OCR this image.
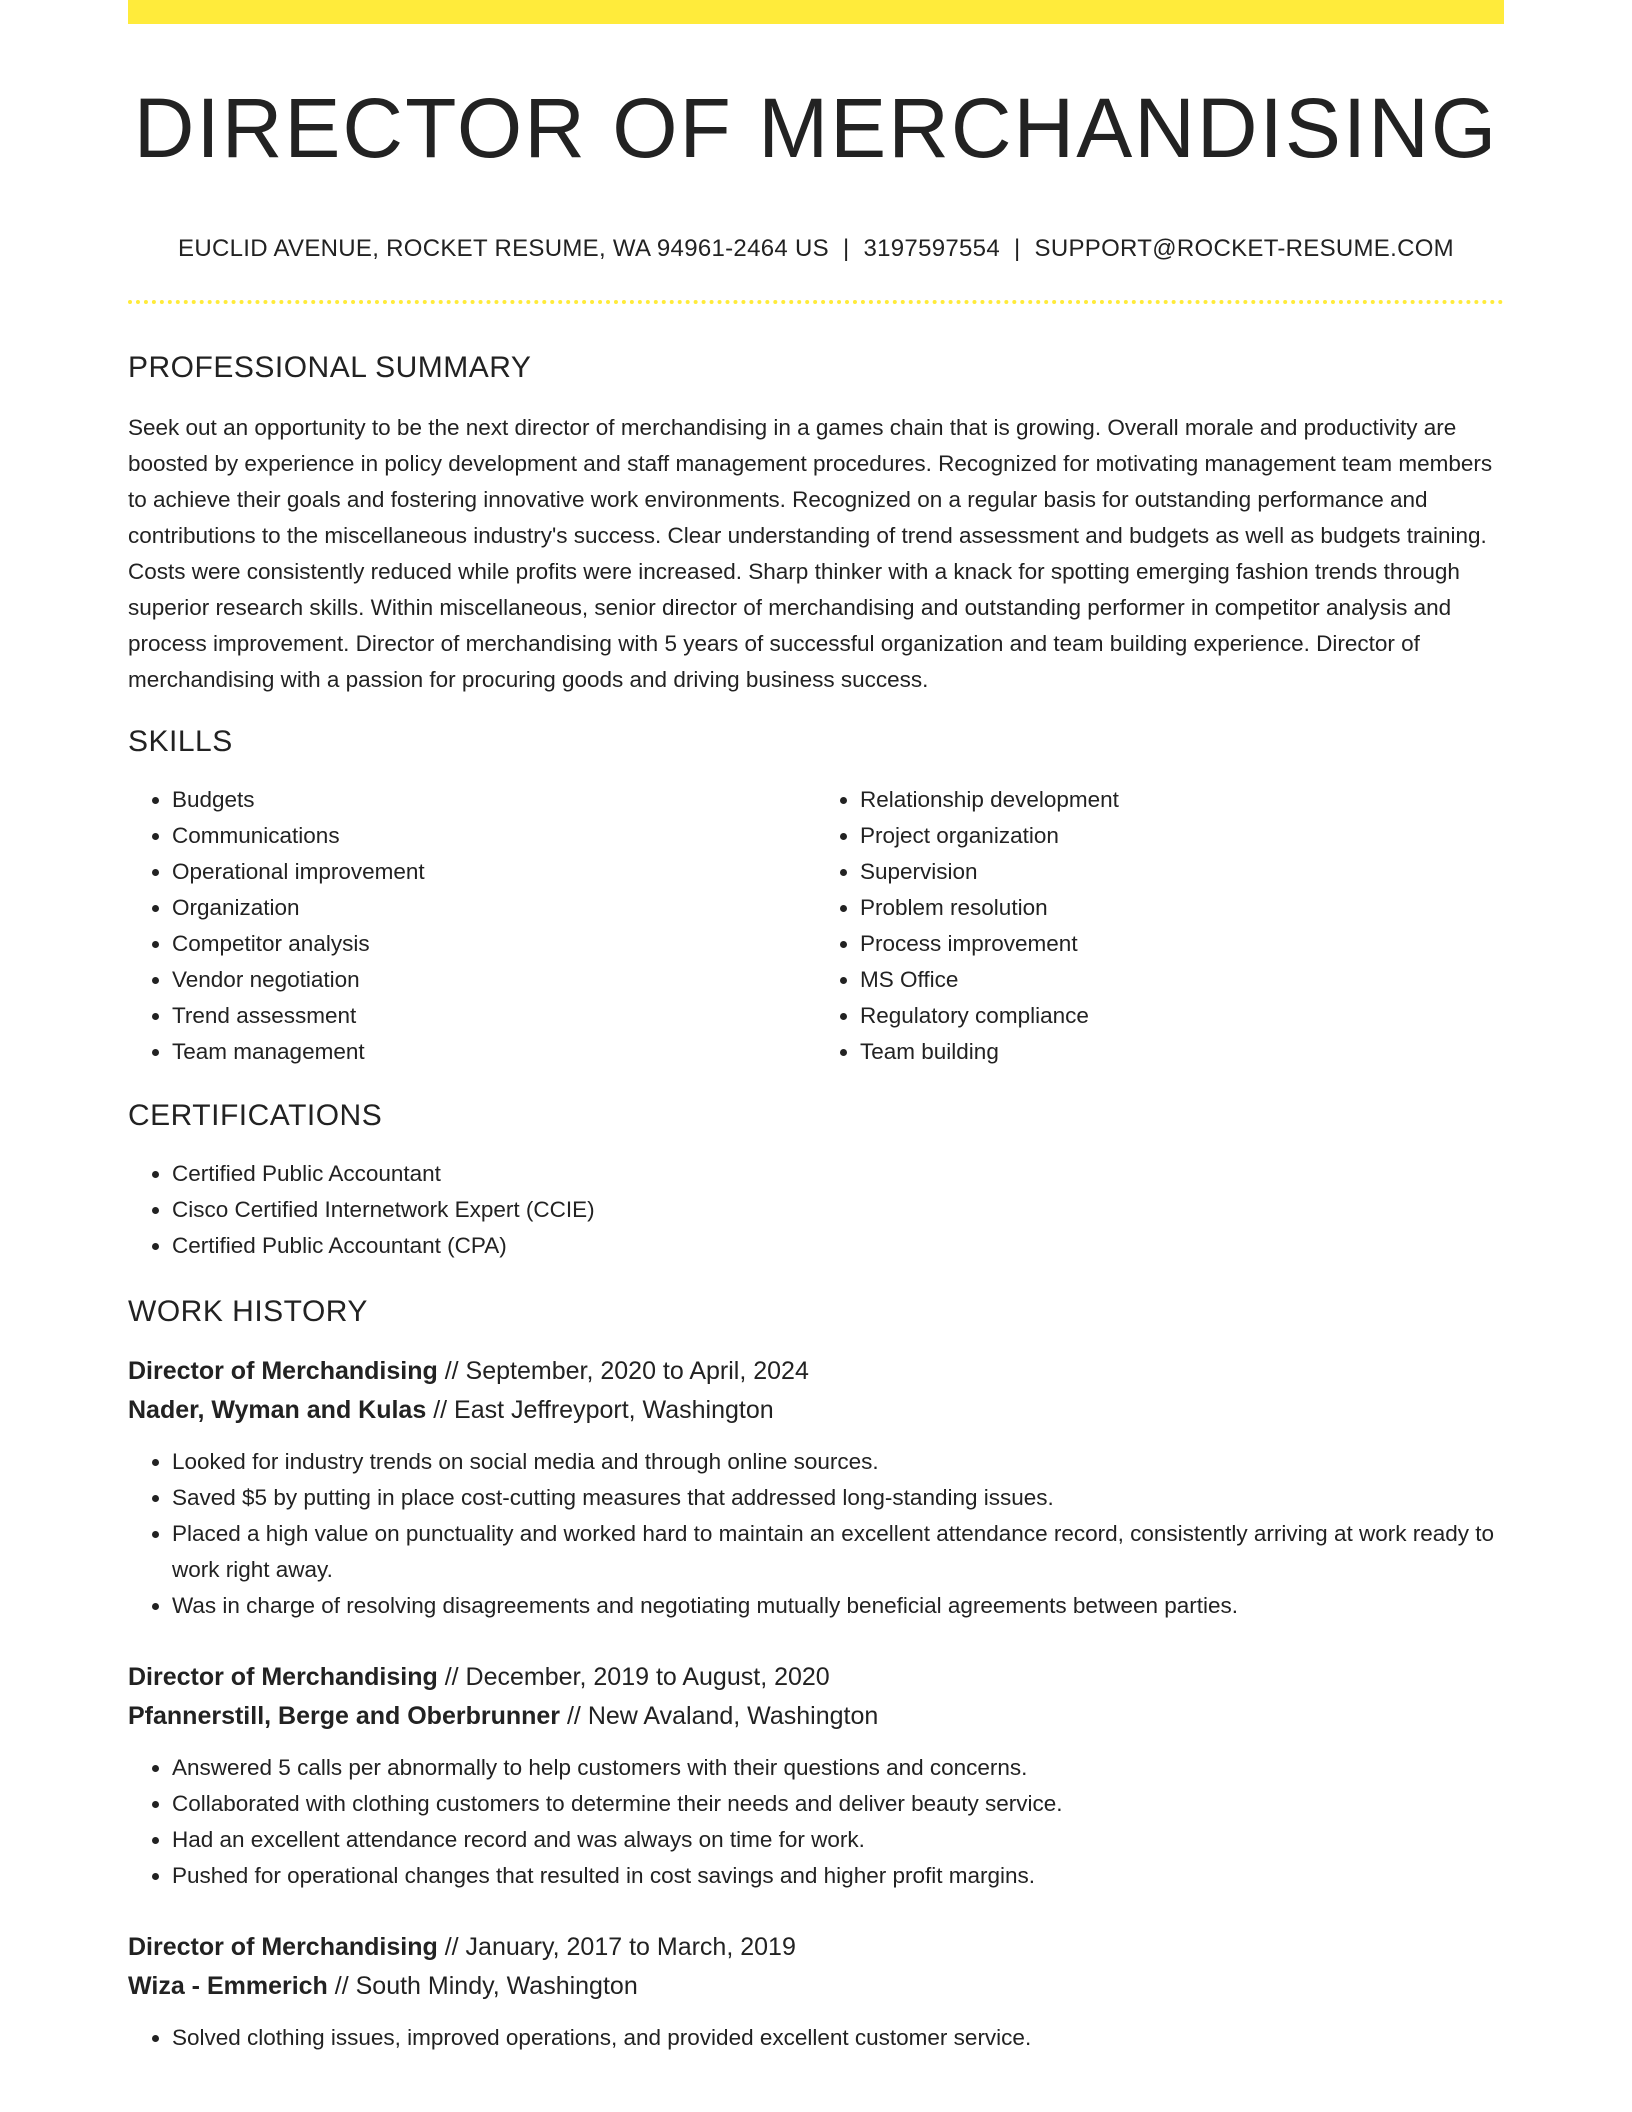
DIRECTOR OF MERCHANDISING
EUCLID AVENUE, ROCKET RESUME, WA 94961-2464 US | 3197597554 | SUPPORT@ROCKET-RESUME.COM
PROFESSIONAL SUMMARY
Seek out an opportunity to be the next director of merchandising in a games chain that is growing. Overall morale and productivity are boosted by experience in policy development and staff management procedures. Recognized for motivating management team members to achieve their goals and fostering innovative work environments. Recognized on a regular basis for outstanding performance and contributions to the miscellaneous industry's success. Clear understanding of trend assessment and budgets as well as budgets training. Costs were consistently reduced while profits were increased. Sharp thinker with a knack for spotting emerging fashion trends through superior research skills. Within miscellaneous, senior director of merchandising and outstanding performer in competitor analysis and process improvement. Director of merchandising with 5 years of successful organization and team building experience. Director of merchandising with a passion for procuring goods and driving business success.
SKILLS
• Budgets
• Communications
• Operational improvement
• Organization
• Competitor analysis
• Vendor negotiation
• Trend assessment
• Team management
• Relationship development
• Project organization
• Supervision
• Problem resolution
• Process improvement
• MS Office
• Regulatory compliance
• Team building
CERTIFICATIONS
• Certified Public Accountant
• Cisco Certified Internetwork Expert (CCIE)
• Certified Public Accountant (CPA)
WORK HISTORY
Director of Merchandising // September, 2020 to April, 2024
Nader, Wyman and Kulas // East Jeffreyport, Washington
• Looked for industry trends on social media and through online sources.
• Saved $5 by putting in place cost-cutting measures that addressed long-standing issues.
• Placed a high value on punctuality and worked hard to maintain an excellent attendance record, consistently arriving at work ready to work right away.
• Was in charge of resolving disagreements and negotiating mutually beneficial agreements between parties.
Director of Merchandising // December, 2019 to August, 2020
Pfannerstill, Berge and Oberbrunner // New Avaland, Washington
• Answered 5 calls per abnormally to help customers with their questions and concerns.
• Collaborated with clothing customers to determine their needs and deliver beauty service.
• Had an excellent attendance record and was always on time for work.
• Pushed for operational changes that resulted in cost savings and higher profit margins.
Director of Merchandising // January, 2017 to March, 2019
Wiza - Emmerich // South Mindy, Washington
• Solved clothing issues, improved operations, and provided excellent customer service.
